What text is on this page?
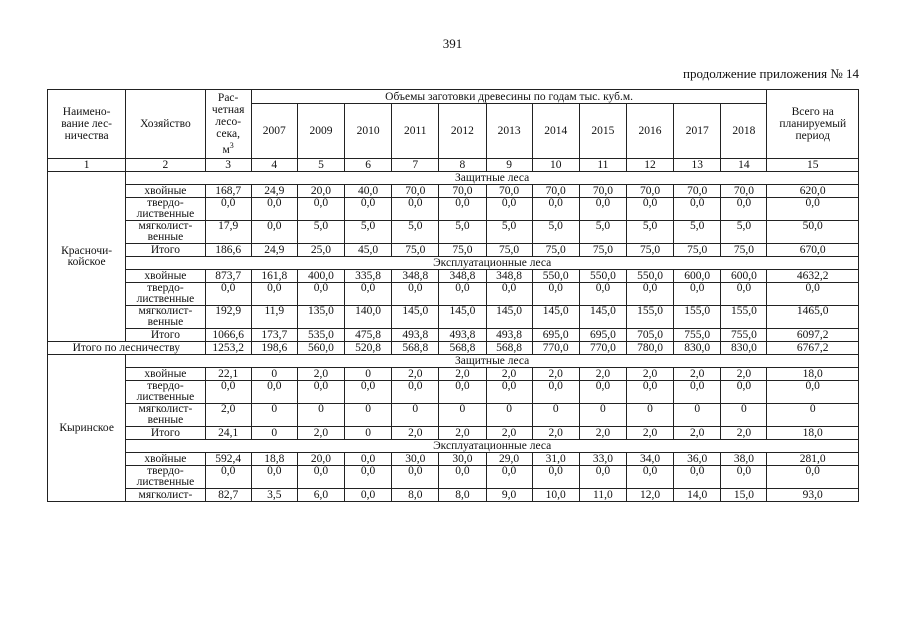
391
продолжение приложения № 14
Наимено-
вание лес-
ничества	Хозяйство	Рас-
четная
лесо-
сека,
$м^3$	Объемы заготовки древесины по годам тыс. куб.м.											Всего на
планируемый
период
			2007	2009	2010	2011	2012	2013	2014	2015	2016	2017	2018	
1	2	3	4	5	6	7	8	9	10	11	12	13	14	15
Красночи-
койское	Защитные леса													
	хвойные	168,7	24,9	20,0	40,0	70,0	70,0	70,0	70,0	70,0	70,0	70,0	70,0	620,0
	твердо-
лиственные	0,0	0,0	0,0	0,0	0,0	0,0	0,0	0,0	0,0	0,0	0,0	0,0	0,0
	мягколист-
венные	17,9	0,0	5,0	5,0	5,0	5,0	5,0	5,0	5,0	5,0	5,0	5,0	50,0
	Итого	186,6	24,9	25,0	45,0	75,0	75,0	75,0	75,0	75,0	75,0	75,0	75,0	670,0
	Эксплуатационные леса													
	хвойные	873,7	161,8	400,0	335,8	348,8	348,8	348,8	550,0	550,0	550,0	600,0	600,0	4632,2
	твердо-
лиственные	0,0	0,0	0,0	0,0	0,0	0,0	0,0	0,0	0,0	0,0	0,0	0,0	0,0
	мягколист-
венные	192,9	11,9	135,0	140,0	145,0	145,0	145,0	145,0	145,0	155,0	155,0	155,0	1465,0
	Итого	1066,6	173,7	535,0	475,8	493,8	493,8	493,8	695,0	695,0	705,0	755,0	755,0	6097,2
Итого по лесничеству		1253,2	198,6	560,0	520,8	568,8	568,8	568,8	770,0	770,0	780,0	830,0	830,0	6767,2
Кыринское	Защитные леса													
	хвойные	22,1	0	2,0	0	2,0	2,0	2,0	2,0	2,0	2,0	2,0	2,0	18,0
	твердо-
лиственные	0,0	0,0	0,0	0,0	0,0	0,0	0,0	0,0	0,0	0,0	0,0	0,0	0,0
	мягколист-
венные	2,0	0	0	0	0	0	0	0	0	0	0	0	0
	Итого	24,1	0	2,0	0	2,0	2,0	2,0	2,0	2,0	2,0	2,0	2,0	18,0
	Эксплуатационные леса													
	хвойные	592,4	18,8	20,0	0,0	30,0	30,0	29,0	31,0	33,0	34,0	36,0	38,0	281,0
	твердо-
лиственные	0,0	0,0	0,0	0,0	0,0	0,0	0,0	0,0	0,0	0,0	0,0	0,0	0,0
	мягколист-	82,7	3,5	6,0	0,0	8,0	8,0	9,0	10,0	11,0	12,0	14,0	15,0	93,0
